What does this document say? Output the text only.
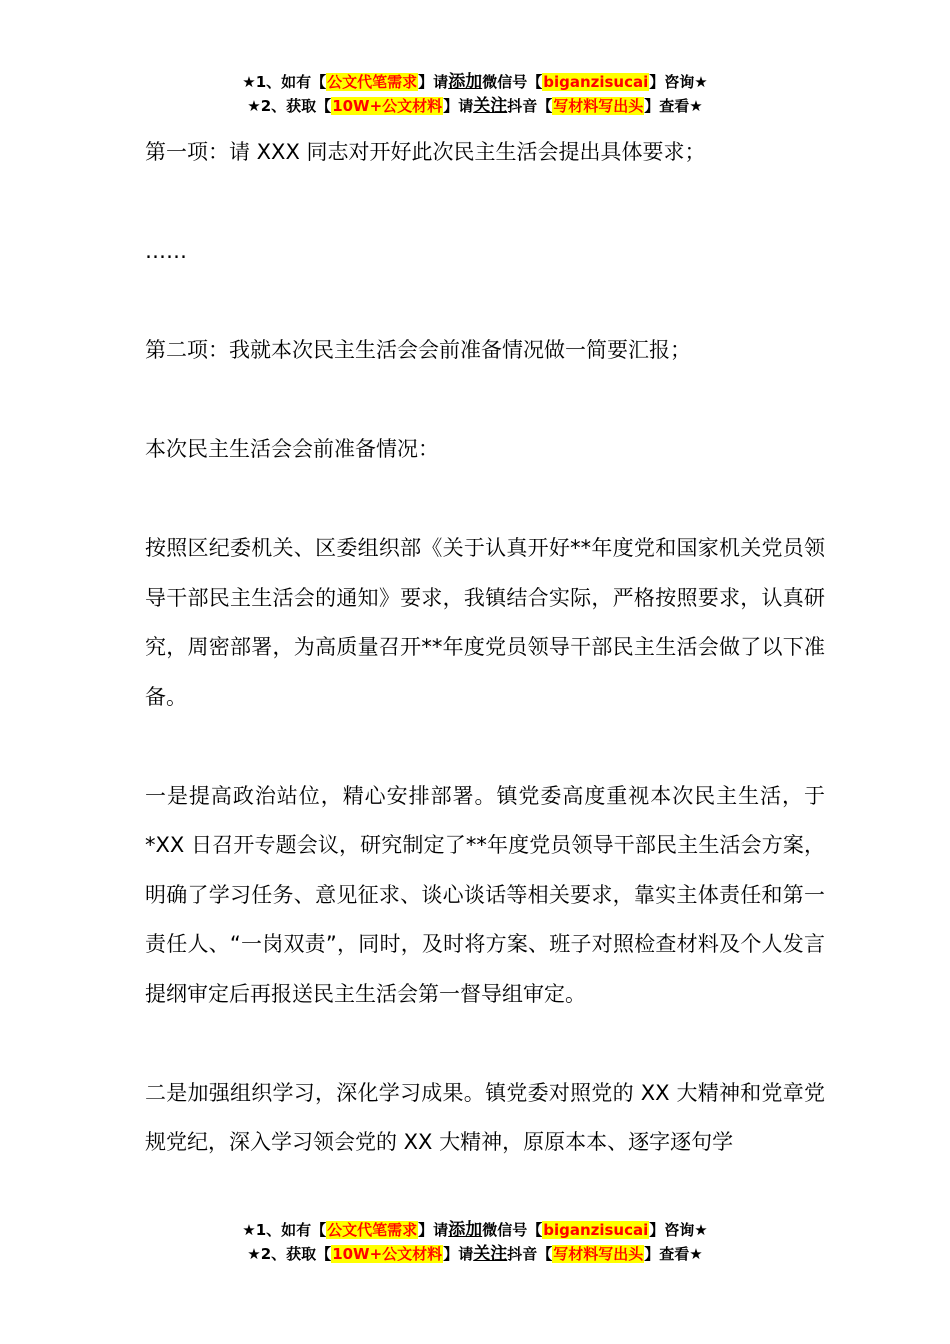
★1、如有【公文代笔需求】请添加微信号【biganzisucai】咨询★
★2、获取【10W+公文材料】请关注抖音【写材料写出头】查看★

第一项：请 XXX 同志对开好此次民主生活会提出具体要求；

……

第二项：我就本次民主生活会会前准备情况做一简要汇报；

本次民主生活会会前准备情况：

按照区纪委机关、区委组织部《关于认真开好**年度党和国家机关党员领导干部民主生活会的通知》要求，我镇结合实际，严格按照要求，认真研究，周密部署，为高质量召开**年度党员领导干部民主生活会做了以下准备。

一是提高政治站位，精心安排部署。镇党委高度重视本次民主生活，于*XX 日召开专题会议，研究制定了**年度党员领导干部民主生活会方案，明确了学习任务、意见征求、谈心谈话等相关要求，靠实主体责任和第一责任人、“一岗双责”，同时，及时将方案、班子对照检查材料及个人发言提纲审定后再报送民主生活会第一督导组审定。

二是加强组织学习，深化学习成果。镇党委对照党的 XX 大精神和党章党规党纪，深入学习领会党的 XX 大精神，原原本本、逐字逐句学

★1、如有【公文代笔需求】请添加微信号【biganzisucai】咨询★
★2、获取【10W+公文材料】请关注抖音【写材料写出头】查看★
